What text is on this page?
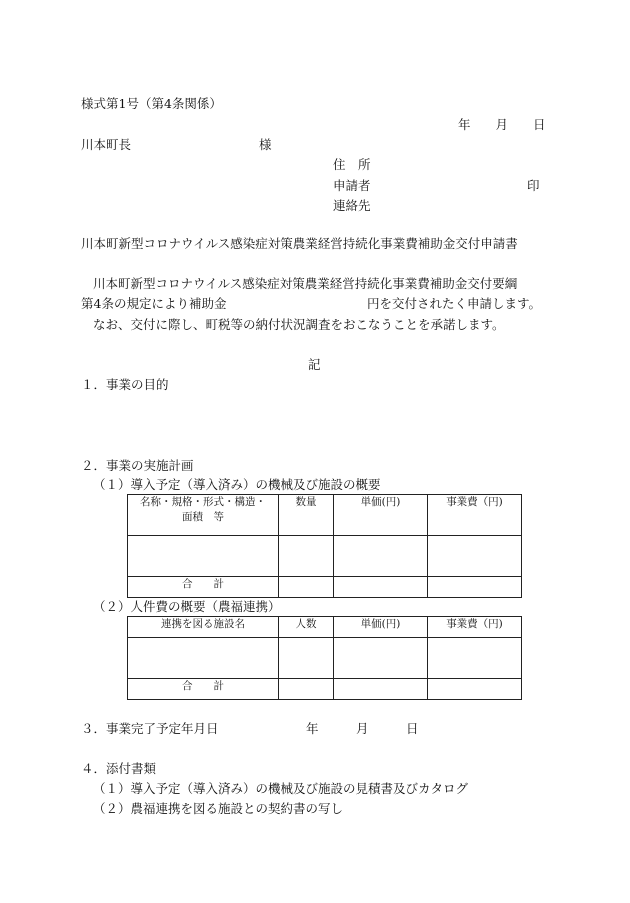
様式第1号（第4条関係）
年　　月　　日
川本町長	様
住　所
申請者	印
連絡先
川本町新型コロナウイルス感染症対策農業経営持続化事業費補助金交付申請書
川本町新型コロナウイルス感染症対策農業経営持続化事業費補助金交付要綱
第4条の規定により補助金	円を交付されたく申請します。
なお、交付に際し、町税等の納付状況調査をおこなうことを承諾します。
記
１．事業の目的
２．事業の実施計画
（１）導入予定（導入済み）の機械及び施設の概要
名称・規格・形式・構造・
面積　等	数量	単価(円)	事業費（円)

合　　計			
（２）人件費の概要（農福連携）
連携を図る施設名	人数	単価(円)	事業費（円)

合　　計			
３．事業完了予定年月日	年　　　月　　　日
４．添付書類
（１）導入予定（導入済み）の機械及び施設の見積書及びカタログ
（２）農福連携を図る施設との契約書の写し
